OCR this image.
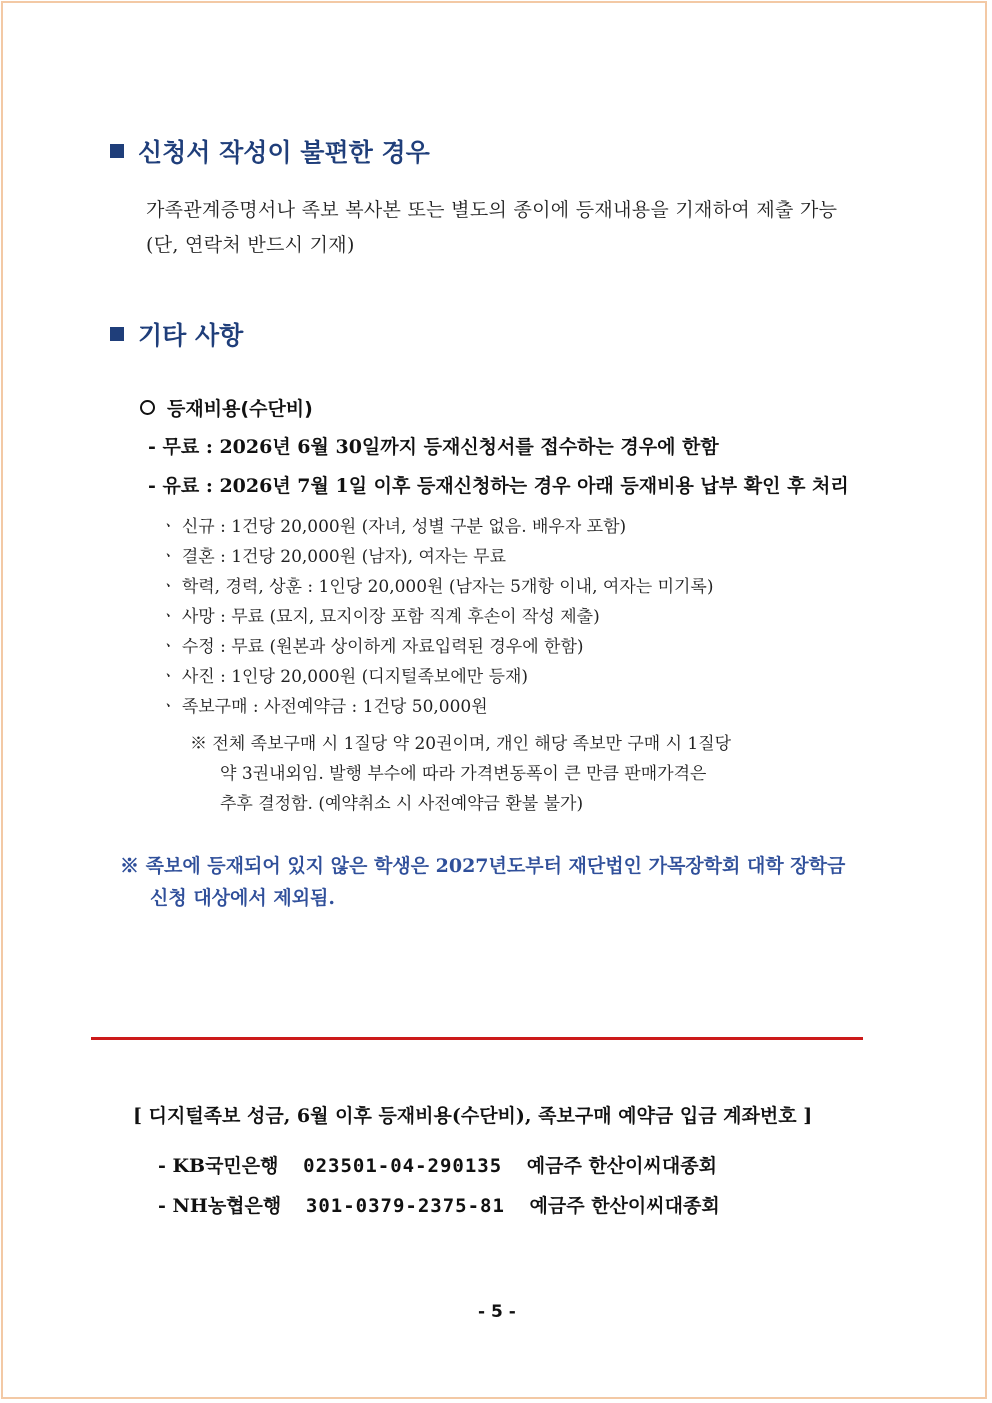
신청서 작성이 불편한 경우
가족관계증명서나 족보 복사본 또는 별도의 종이에 등재내용을 기재하여 제출 가능
(단, 연락처 반드시 기재)
기타 사항
등재비용(수단비)
- 무료 : 2026년 6월 30일까지 등재신청서를 접수하는 경우에 한함
- 유료 : 2026년 7월 1일 이후 등재신청하는 경우 아래 등재비용 납부 확인 후 처리
ㆍ 신규 : 1건당 20,000원 (자녀, 성별 구분 없음. 배우자 포함)
ㆍ 결혼 : 1건당 20,000원 (남자), 여자는 무료
ㆍ 학력, 경력, 상훈 : 1인당 20,000원 (남자는 5개항 이내, 여자는 미기록)
ㆍ 사망 : 무료 (묘지, 묘지이장 포함 직계 후손이 작성 제출)
ㆍ 수정 : 무료 (원본과 상이하게 자료입력된 경우에 한함)
ㆍ 사진 : 1인당 20,000원 (디지털족보에만 등재)
ㆍ 족보구매 : 사전예약금 : 1건당 50,000원
※ 전체 족보구매 시 1질당 약 20권이며, 개인 해당 족보만 구매 시 1질당
약 3권내외임. 발행 부수에 따라 가격변동폭이 큰 만큼 판매가격은
추후 결정함. (예약취소 시 사전예약금 환불 불가)
※ 족보에 등재되어 있지 않은 학생은 2027년도부터 재단법인 가목장학회 대학 장학금
신청 대상에서 제외됨.
[ 디지털족보 성금, 6월 이후 등재비용(수단비), 족보구매 예약금 입금 계좌번호 ]
- KB국민은행 023501-04-290135 예금주 한산이씨대종회
- NH농협은행 301-0379-2375-81 예금주 한산이씨대종회
- 5 -
